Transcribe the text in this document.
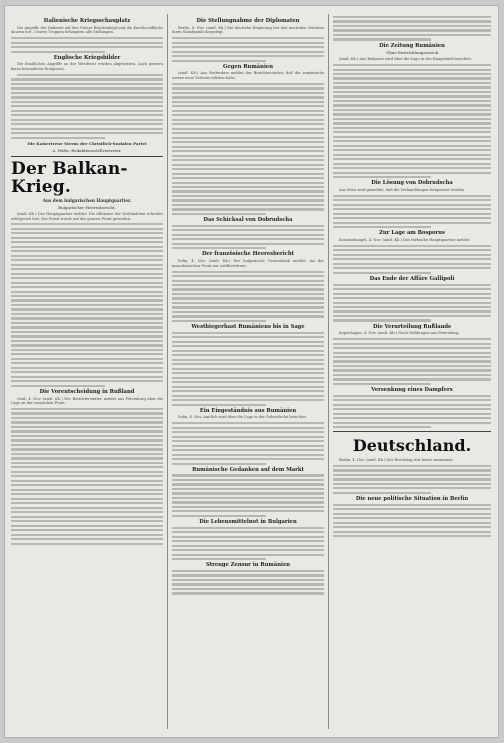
Italienische Kriegsschauplatz
Die Angriffe der Italiener auf den Görzer Brückenkopf und die Karsthochfläche dauern fort. Unsere Truppen behaupten alle Stellungen.
Englische Kriegsbilder
Die feindlichen Angriffe an der Westfront wurden abgewiesen. Auch gestern keine besonderen Ereignisse.
Die Kaisertreue Sterns der Christlich-Sozialen Partei
u. Höfer, Redaktionsstellvertreter.
Der Balkan-Krieg.
Aus dem bulgarischen Hauptquartier.
Bulgarischer Heeresbericht.
(amtl. Kb.) Das Hauptquartier meldet: Die Offensive der Verbündeten schreitet erfolgreich fort. Der Feind wurde auf der ganzen Front geworfen.
Die Vorentscheidung in Rußland
Genf, 4. Nov. (amtl. Kb.) Der Berichterstatter meldet aus Petersburg über die Lage an der russischen Front.
Die Stellungnahme der Diplomaten
Berlin, 4. Nov. (amtl. Kb.) Die deutsche Regierung hat den neutralen Mächten ihren Standpunkt dargelegt.
Gegen Rumänien
(amtl. Kb.) Aus Rotterdam meldet der Berichterstatter, daß die rumänische Armee neue Verluste erlitten habe.
Das Schicksal von Dobrudscha
Der französische Heeresbericht
Sofia, 4. Nov. (amtl. Kb.) Der bulgarische Generalstab meldet: An der mazedonischen Front nur Artilleriefeuer.
Westbiegerhast Rumäniens bis in Sage
Ein Eingeständnis aus Rumänien
Sofia, 4. Nov. Amtlich wird über die Lage in der Dobrudscha berichtet.
Rumänische Gedanken auf dem Markt
Die Lebensmittelnot in Bulgarien
Strenge Zensur in Rumänien
Die Zeitung Rumänien
Ohne Entwicklungszweck
(amtl. Kb.) Aus Bukarest wird über die Lage in der Hauptstadt berichtet.
Die Lösung von Dobrudscha
Aus Wien wird gemeldet, daß die Verhandlungen fortgesetzt werden.
Zur Lage am Bosporus
Konstantinopel, 4. Nov. (amtl. Kb.) Das türkische Hauptquartier meldet.
Das Ende der Affäre Gallipoli
Die Verurteilung Rußlands
Kopenhagen, 4. Nov. (amtl. Kb.) Nach Meldungen aus Petersburg.
Versenkung eines Dampfers
Deutschland.
Berlin, 4. Nov. (amtl. Kb.) Der Reichstag trat heute zusammen.
Die neue politische Situation in Berlin
